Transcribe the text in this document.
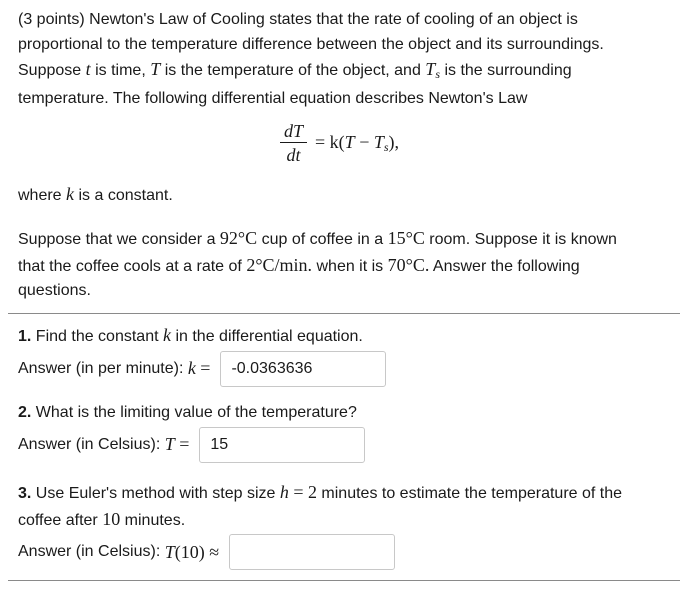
(3 points) Newton's Law of Cooling states that the rate of cooling of an object is

proportional to the temperature difference between the object and its surroundings.

Suppose t is time, T is the temperature of the object, and $T_s$ is the surrounding

temperature. The following differential equation describes Newton's Law

$\frac{dT}{dt} = k(T - T_s)$,

where k is a constant.

Suppose that we consider a 92°C cup of coffee in a 15°C room. Suppose it is known

that the coffee cools at a rate of 2°C/min. when it is 70°C. Answer the following

questions.

1. Find the constant k in the differential equation.

Answer (in per minute):
k
=	-0.0363636

2. What is the limiting value of the temperature?

Answer (in Celsius):
T
=	15

3. Use Euler's method with step size h = 2 minutes to estimate the temperature of the

coffee after 10 minutes.

Answer (in Celsius):
T (10)
≈
